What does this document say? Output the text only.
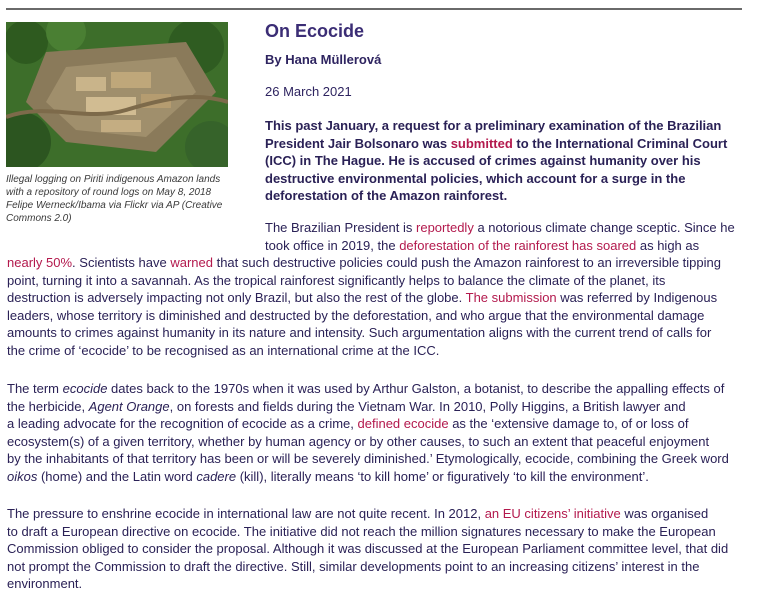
Illegal logging on Piriti indigenous Amazon lands with a repository of round logs on May 8, 2018 Felipe Werneck/Ibama via Flickr via AP (Creative Commons 2.0)
On Ecocide

By Hana Müllerová

26 March 2021

This past January, a request for a preliminary examination of the Brazilian President Jair Bolsonaro was submitted to the International Criminal Court (ICC) in The Hague. He is accused of crimes against humanity over his destructive environmental policies, which account for a surge in the deforestation of the Amazon rainforest.

The Brazilian President is reportedly a notorious climate change sceptic. Since he
took office in 2019, the deforestation of the rainforest has soared as high as
nearly 50%. Scientists have warned that such destructive policies could push the Amazon rainforest to an irreversible tipping
point, turning it into a savannah. As the tropical rainforest significantly helps to balance the climate of the planet, its
destruction is adversely impacting not only Brazil, but also the rest of the globe. The submission was referred by Indigenous
leaders, whose territory is diminished and destructed by the deforestation, and who argue that the environmental damage
amounts to crimes against humanity in its nature and intensity. Such argumentation aligns with the current trend of calls for
the crime of ‘ecocide’ to be recognised as an international crime at the ICC.

The term ecocide dates back to the 1970s when it was used by Arthur Galston, a botanist, to describe the appalling effects of
the herbicide, Agent Orange, on forests and fields during the Vietnam War. In 2010, Polly Higgins, a British lawyer and
a leading advocate for the recognition of ecocide as a crime, defined ecocide as the ‘extensive damage to, of or loss of
ecosystem(s) of a given territory, whether by human agency or by other causes, to such an extent that peaceful enjoyment
by the inhabitants of that territory has been or will be severely diminished.’ Etymologically, ecocide, combining the Greek word
oikos (home) and the Latin word cadere (kill), literally means ‘to kill home’ or figuratively ‘to kill the environment’.

The pressure to enshrine ecocide in international law are not quite recent. In 2012, an EU citizens’ initiative was organised
to draft a European directive on ecocide. The initiative did not reach the million signatures necessary to make the European
Commission obliged to consider the proposal. Although it was discussed at the European Parliament committee level, that did
not prompt the Commission to draft the directive. Still, similar developments point to an increasing citizens’ interest in the
environment.
